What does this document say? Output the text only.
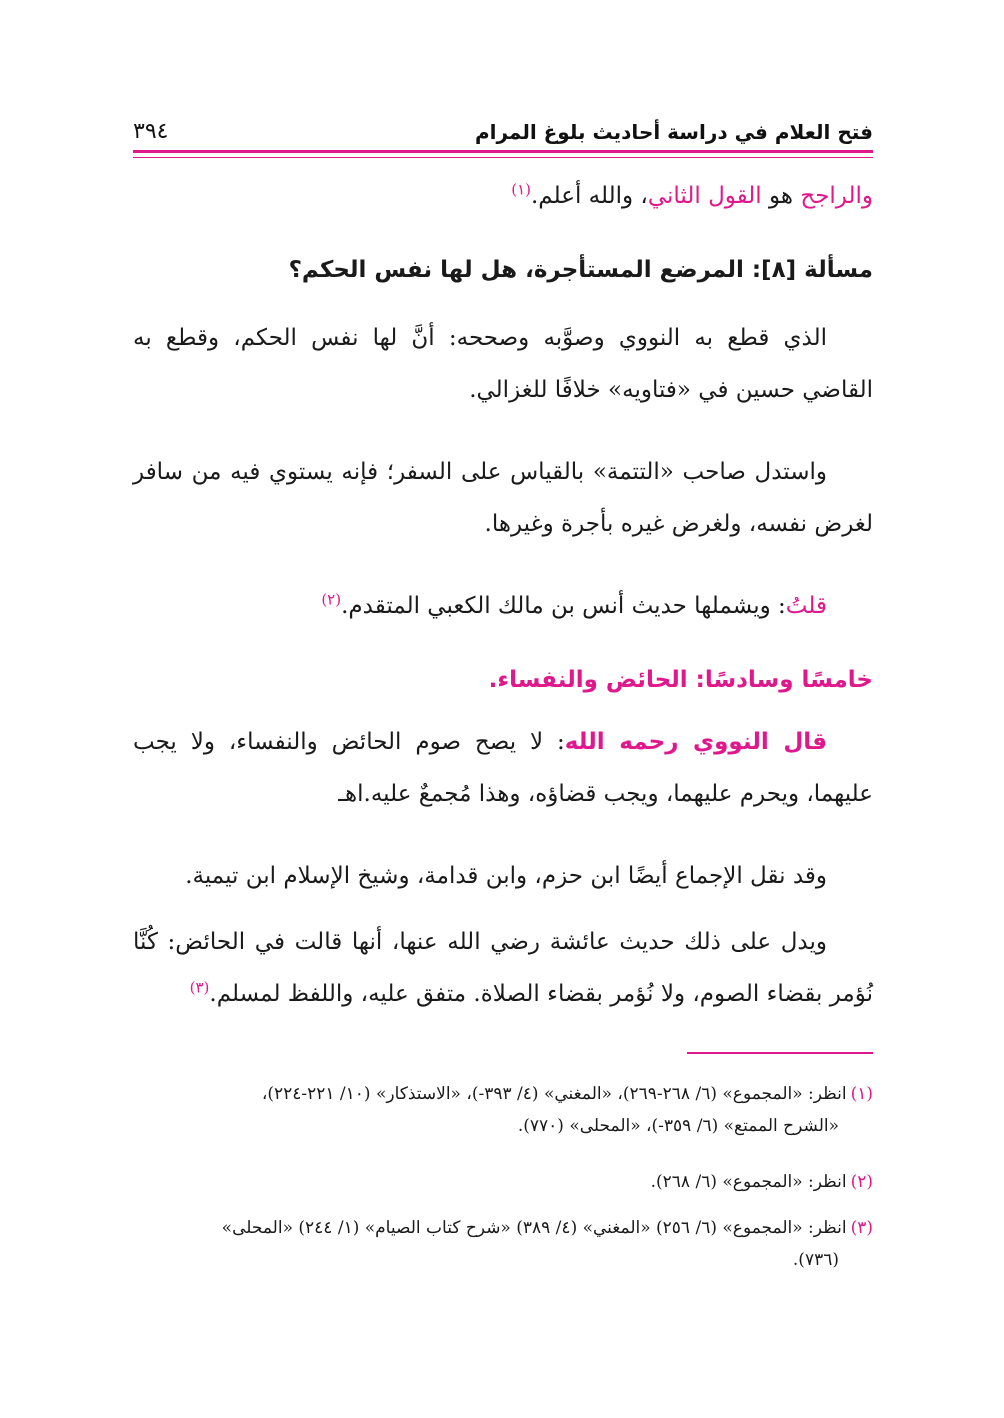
فتح العلام في دراسة أحاديث بلوغ المرام
٣٩٤
والراجح هو القول الثاني، والله أعلم.$^{(١)}$
مسألة [٨]: المرضع المستأجرة، هل لها نفس الحكم؟
الذي قطع به النووي وصوَّبه وصححه: أنَّ لها نفس الحكم، وقطع به القاضي حسين في «فتاويه» خلافًا للغزالي.
واستدل صاحب «التتمة» بالقياس على السفر؛ فإنه يستوي فيه من سافر لغرض نفسه، ولغرض غيره بأجرة وغيرها.
قلتُ: ويشملها حديث أنس بن مالك الكعبي المتقدم.$^{(٢)}$
خامسًا وسادسًا: الحائض والنفساء.
قال النووي رحمه الله: لا يصح صوم الحائض والنفساء، ولا يجب عليهما، ويحرم عليهما، ويجب قضاؤه، وهذا مُجمعٌ عليه.اهـ
وقد نقل الإجماع أيضًا ابن حزم، وابن قدامة، وشيخ الإسلام ابن تيمية.
ويدل على ذلك حديث عائشة رضي الله عنها، أنها قالت في الحائض: كُنَّا نُؤمر بقضاء الصوم، ولا نُؤمر بقضاء الصلاة. متفق عليه، واللفظ لمسلم.$^{(٣)}$
(١)انظر: «المجموع» (٦/ ٢٦٨-٢٦٩)، «المغني» (٤/ ٣٩٣-)، «الاستذكار» (١٠/ ٢٢١-٢٢٤)،
«الشرح الممتع» (٦/ ٣٥٩-)، «المحلى» (٧٧٠).
(٢)انظر: «المجموع» (٦/ ٢٦٨).
(٣)انظر: «المجموع» (٦/ ٢٥٦) «المغني» (٤/ ٣٨٩) «شرح كتاب الصيام» (١/ ٢٤٤) «المحلى»
(٧٣٦).
